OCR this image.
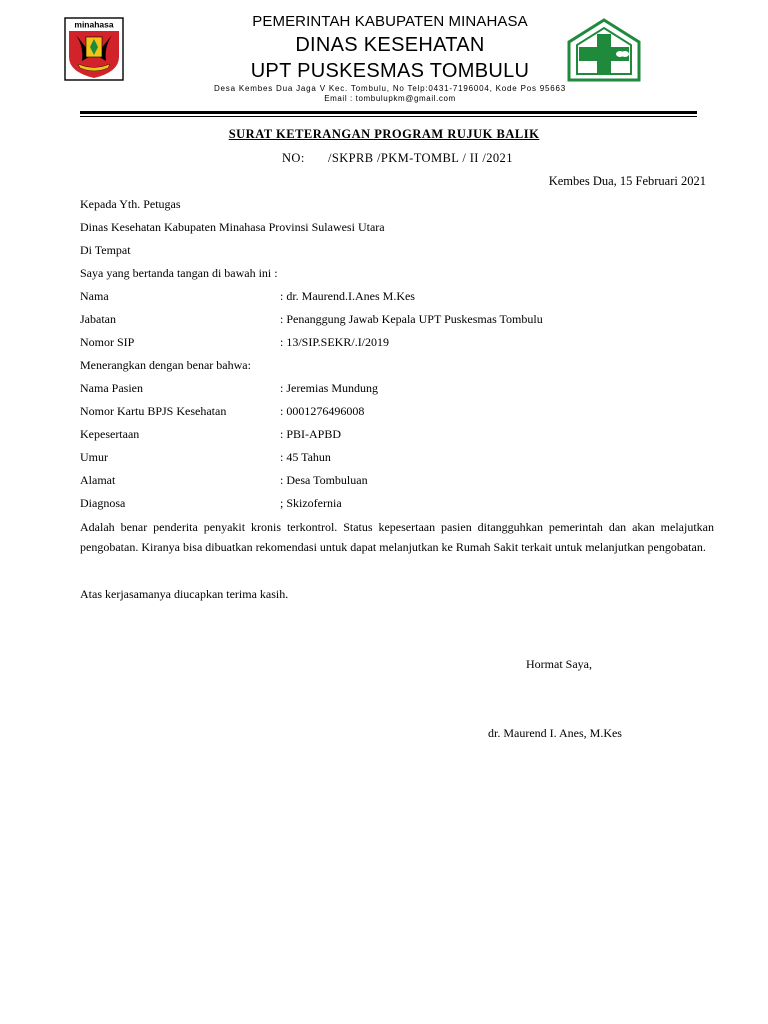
minahasa	PEMERINTAH KABUPATEN MINAHASA
DINAS KESEHATAN
UPT PUSKESMAS TOMBULU
Desa Kembes Dua Jaga V Kec. Tombulu, No Telp:0431-7196004, Kode Pos 95663
Email : tombulupkm@gmail.com
SURAT KETERANGAN PROGRAM RUJUK BALIK
NO: /SKPRB /PKM-TOMBL / II /2021
Kembes Dua, 15 Februari 2021
Kepada Yth. Petugas
Dinas Kesehatan Kabupaten Minahasa Provinsi Sulawesi Utara
Di Tempat
Saya yang bertanda tangan di bawah ini :
Nama	: dr. Maurend.I.Anes M.Kes
Jabatan	: Penanggung Jawab Kepala UPT Puskesmas Tombulu
Nomor SIP	: 13/SIP.SEKR/.I/2019
Menerangkan dengan benar bahwa:
Nama Pasien	: Jeremias Mundung
Nomor Kartu BPJS Kesehatan	: 0001276496008
Kepesertaan	: PBI-APBD
Umur	: 45 Tahun
Alamat	: Desa Tombuluan
Diagnosa	; Skizofernia
Adalah benar penderita penyakit kronis terkontrol. Status kepesertaan pasien ditangguhkan pemerintah dan akan melajutkan pengobatan. Kiranya bisa dibuatkan rekomendasi untuk dapat melanjutkan ke Rumah Sakit terkait untuk melanjutkan pengobatan.
Atas kerjasamanya diucapkan terima kasih.
Hormat Saya,
dr. Maurend I. Anes, M.Kes
